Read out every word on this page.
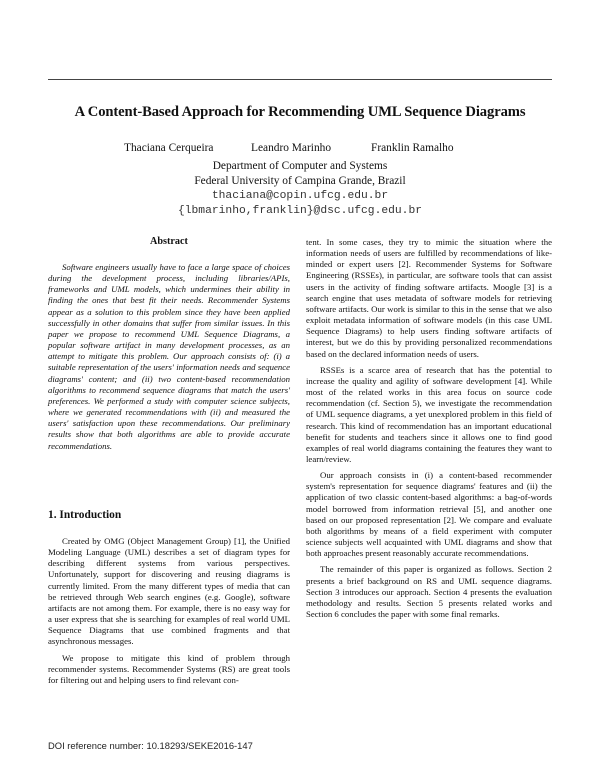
A Content-Based Approach for Recommending UML Sequence Diagrams
Thaciana Cerqueira	Leandro Marinho	Franklin Ramalho
Department of Computer and Systems
Federal University of Campina Grande, Brazil
thaciana@copin.ufcg.edu.br
{lbmarinho,franklin}@dsc.ufcg.edu.br
Abstract

Software engineers usually have to face a large space of choices during the development process, including libraries/APIs, frameworks and UML models, which undermines their ability in finding the ones that best fit their needs. Recommender Systems appear as a solution to this problem since they have been applied successfully in other domains that suffer from similar issues. In this paper we propose to recommend UML Sequence Diagrams, a popular software artifact in many development processes, as an attempt to mitigate this problem. Our approach consists of: (i) a suitable representation of the users' information needs and sequence diagrams' content; and (ii) two content-based recommendation algorithms to recommend sequence diagrams that match the users' preferences. We performed a study with computer science subjects, where we generated recommendations with (ii) and measured the users' satisfaction upon these recommendations. Our preliminary results show that both algorithms are able to provide accurate recommendations.

1. Introduction

Created by OMG (Object Management Group) [1], the Unified Modeling Language (UML) describes a set of diagram types for describing different systems from various perspectives. Unfortunately, support for discovering and reusing diagrams is currently limited. From the many different types of media that can be retrieved through Web search engines (e.g. Google), software artifacts are not among them. For example, there is no easy way for a user express that she is searching for examples of real world UML Sequence Diagrams that use combined fragments and that asynchronous messages.

We propose to mitigate this kind of problem through recommender systems. Recommender Systems (RS) are great tools for filtering out and helping users to find relevant con-

tent. In some cases, they try to mimic the situation where the information needs of users are fulfilled by recommendations of like-minded or expert users [2]. Recommender Systems for Software Engineering (RSSEs), in particular, are software tools that can assist users in the activity of finding software artifacts. Moogle [3] is a search engine that uses metadata of software models for retrieving software artifacts. Our work is similar to this in the sense that we also exploit metadata information of software models (in this case UML Sequence Diagrams) to help users finding software artifacts of interest, but we do this by providing personalized recommendations based on the declared information needs of users.

RSSEs is a scarce area of research that has the potential to increase the quality and agility of software development [4]. While most of the related works in this area focus on source code recommendation (cf. Section 5), we investigate the recommendation of UML sequence diagrams, a yet unexplored problem in this field of research. This kind of recommendation has an important educational benefit for students and teachers since it allows one to find good examples of real world diagrams containing the features they want to learn/review.

Our approach consists in (i) a content-based recommender system's representation for sequence diagrams' features and (ii) the application of two classic content-based algorithms: a bag-of-words model borrowed from information retrieval [5], and another one based on our proposed representation [2]. We compare and evaluate both algorithms by means of a field experiment with computer science subjects well acquainted with UML diagrams and show that both approaches present reasonably accurate recommendations.

The remainder of this paper is organized as follows. Section 2 presents a brief background on RS and UML sequence diagrams. Section 3 introduces our approach. Section 4 presents the evaluation methodology and results. Section 5 presents related works and Section 6 concludes the paper with some final remarks.

DOI reference number: 10.18293/SEKE2016-147
